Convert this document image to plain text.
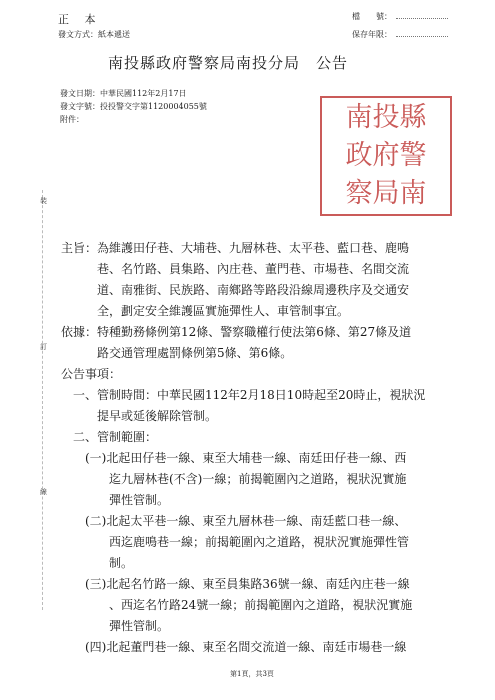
正 本
發文方式：紙本遞送
檔　　號：
保存年限：
南投縣政府警察局南投分局　公告
發文日期：中華民國112年2月17日
發文字號：投投警交字第1120004055號
附件：	南投縣
政府警
察局南
裝
訂
線
主旨：為維護田仔巷、大埔巷、九層林巷、太平巷、藍口巷、鹿鳴
　　　巷、名竹路、員集路、內庄巷、董門巷、市場巷、名間交流
　　　道、南雅街、民族路、南鄉路等路段沿線周邊秩序及交通安
　　　全，劃定安全維護區實施彈性人、車管制事宜。
依據：特種勤務條例第12條、警察職權行使法第6條、第27條及道
　　　路交通管理處罰條例第5條、第6條。
公告事項：
一、管制時間：中華民國112年2月18日10時起至20時止，視狀況
　　提早或延後解除管制。
二、管制範圍：
(一)北起田仔巷一線、東至大埔巷一線、南廷田仔巷一線、西
　　迄九層林巷(不含)一線；前揭範圍內之道路，視狀況實施
　　彈性管制。
(二)北起太平巷一線、東至九層林巷一線、南廷藍口巷一線、
　　西迄鹿鳴巷一線；前揭範圍內之道路，視狀況實施彈性管
　　制。
(三)北起名竹路一線、東至員集路36號一線、南廷內庄巷一線
　　、西迄名竹路24號一線；前揭範圍內之道路，視狀況實施
　　彈性管制。
(四)北起董門巷一線、東至名間交流道一線、南廷市場巷一線
第1頁，共3頁
